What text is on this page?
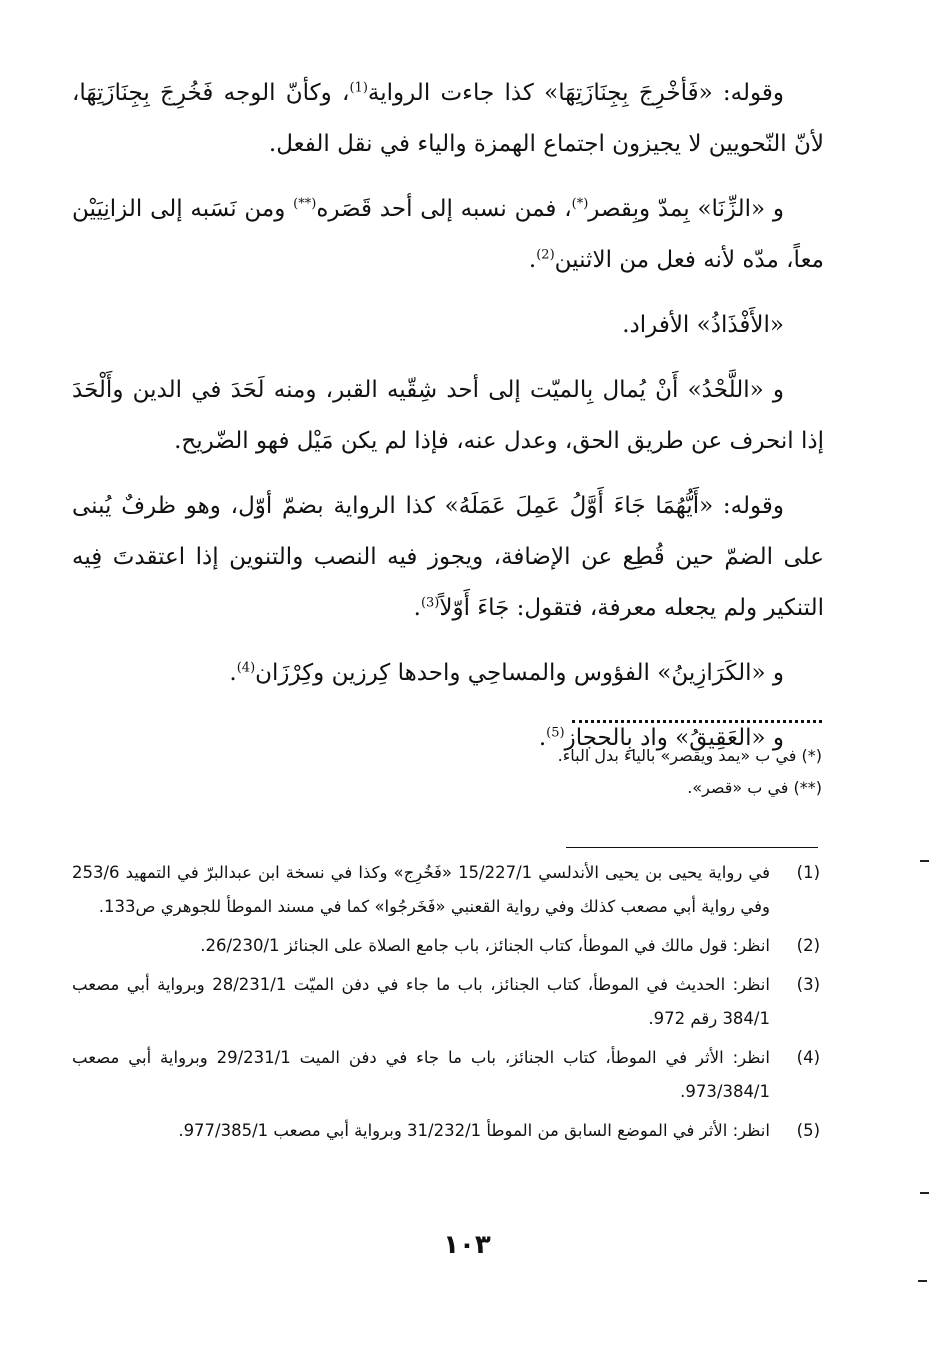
وقوله: «فَأخْرِجَ بِجِنَازَتِهَا» كذا جاءت الرواية$^{(1)}$، وكأنّ الوجه فَخُرِجَ بِجِنَازَتِهَا، لأنّ النّحويين لا يجيزون اجتماع الهمزة والياء في نقل الفعل.

و «الزِّنَا» بِمدّ وبِقصر(*)، فمن نسبه إلى أحد قَصَره(**) ومن نَسَبه إلى الزانِيَيْن معاً، مدّه لأنه فعل من الاثنين$^{(2)}$.

«الأَفْذَاذُ» الأفراد.

و «اللَّحْدُ» أَنْ يُمال بِالميّت إلى أحد شِقّيه القبر، ومنه لَحَدَ في الدين وأَلْحَدَ إذا انحرف عن طريق الحق، وعدل عنه، فإذا لم يكن مَيْل فهو الضّريح.

وقوله: «أَيُّهُمَا جَاءَ أَوَّلُ عَمِلَ عَمَلَهُ» كذا الرواية بضمّ أوّل، وهو ظرفٌ يُبنى على الضمّ حين قُطِع عن الإضافة، ويجوز فيه النصب والتنوين إذا اعتقدتَ فِيه التنكير ولم يجعله معرفة، فتقول: جَاءَ أَوّلاً$^{(3)}$.

و «الكَرَازِينُ» الفؤوس والمساحِي واحدها كِرزين وكِرْزَان$^{(4)}$.

و «العَقِيقُ» واد بِالحجاز$^{(5)}$.

(*) في ب «يمد ويقصر» بالياء بدل الباء.
(**) في ب «قصر».
(1)
في رواية يحيى بن يحيى الأندلسي 15/227/1 «فَخُرِج» وكذا في نسخة ابن عبدالبرّ في التمهيد 253/6 وفي رواية أبي مصعب كذلك وفي رواية القعنبي «فَخَرجُوا» كما في مسند الموطأ للجوهري ص133.
(2)
انظر: قول مالك في الموطأ، كتاب الجنائز، باب جامع الصلاة على الجنائز 26/230/1.
(3)
انظر: الحديث في الموطأ، كتاب الجنائز، باب ما جاء في دفن الميّت 28/231/1 وبرواية أبي مصعب 384/1 رقم 972.
(4)
انظر: الأثر في الموطأ، كتاب الجنائز، باب ما جاء في دفن الميت 29/231/1 وبرواية أبي مصعب 973/384/1.
(5)
انظر: الأثر في الموضع السابق من الموطأ 31/232/1 وبرواية أبي مصعب 977/385/1.
١٠٣
